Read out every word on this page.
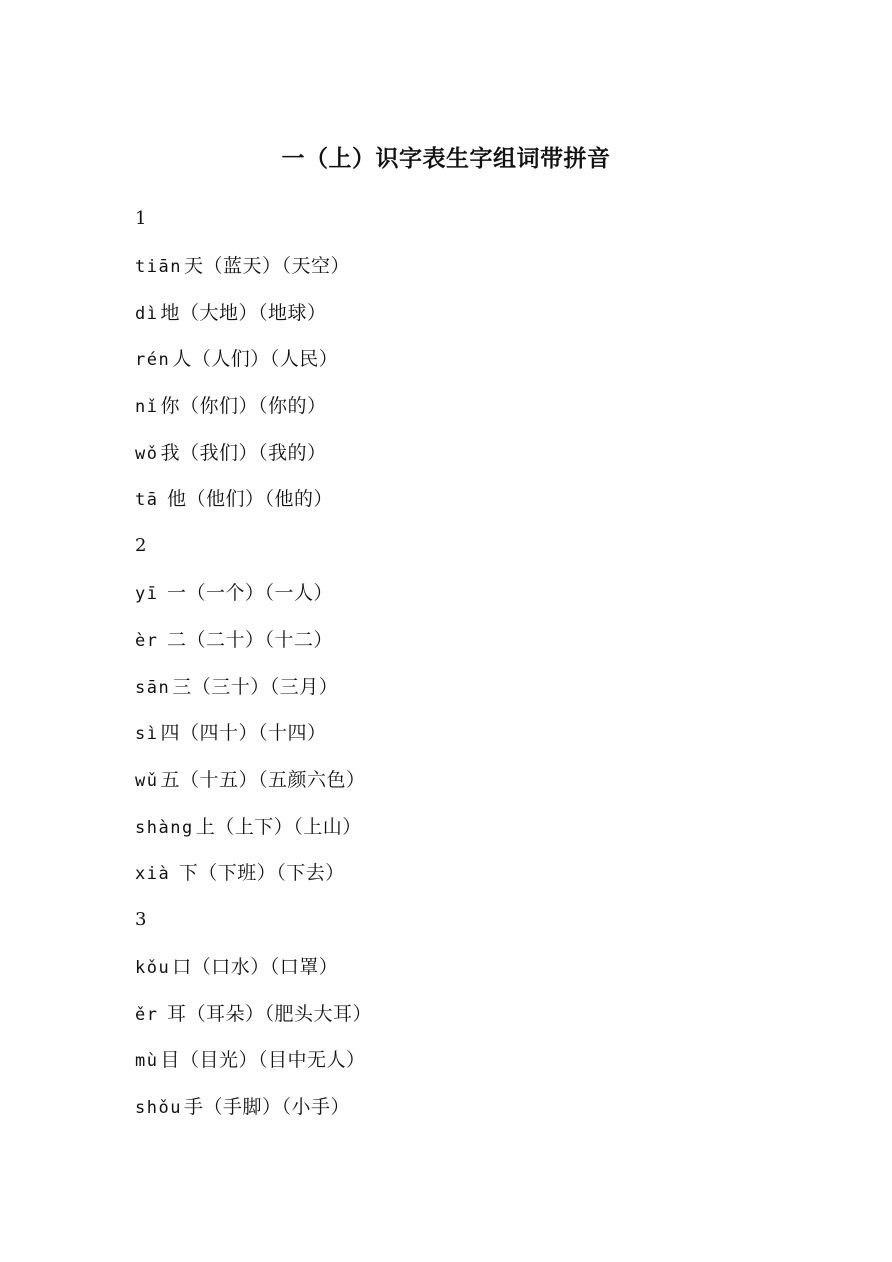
一（上）识字表生字组词带拼音
1
tiān 天（蓝天）（天空）
dì 地（大地）（地球）
rén 人（人们）（人民）
nǐ 你（你们）（你的）
wǒ 我（我们）（我的）
tā 他（他们）（他的）
2
yī 一（一个）（一人）
èr 二（二十）（十二）
sān 三（三十）（三月）
sì 四（四十）（十四）
wǔ 五（十五）（五颜六色）
shàng 上（上下）（上山）
xià 下（下班）（下去）
3
kǒu 口（口水）（口罩）
ěr 耳（耳朵）（肥头大耳）
mù 目（目光）（目中无人）
shǒu 手（手脚）（小手）
